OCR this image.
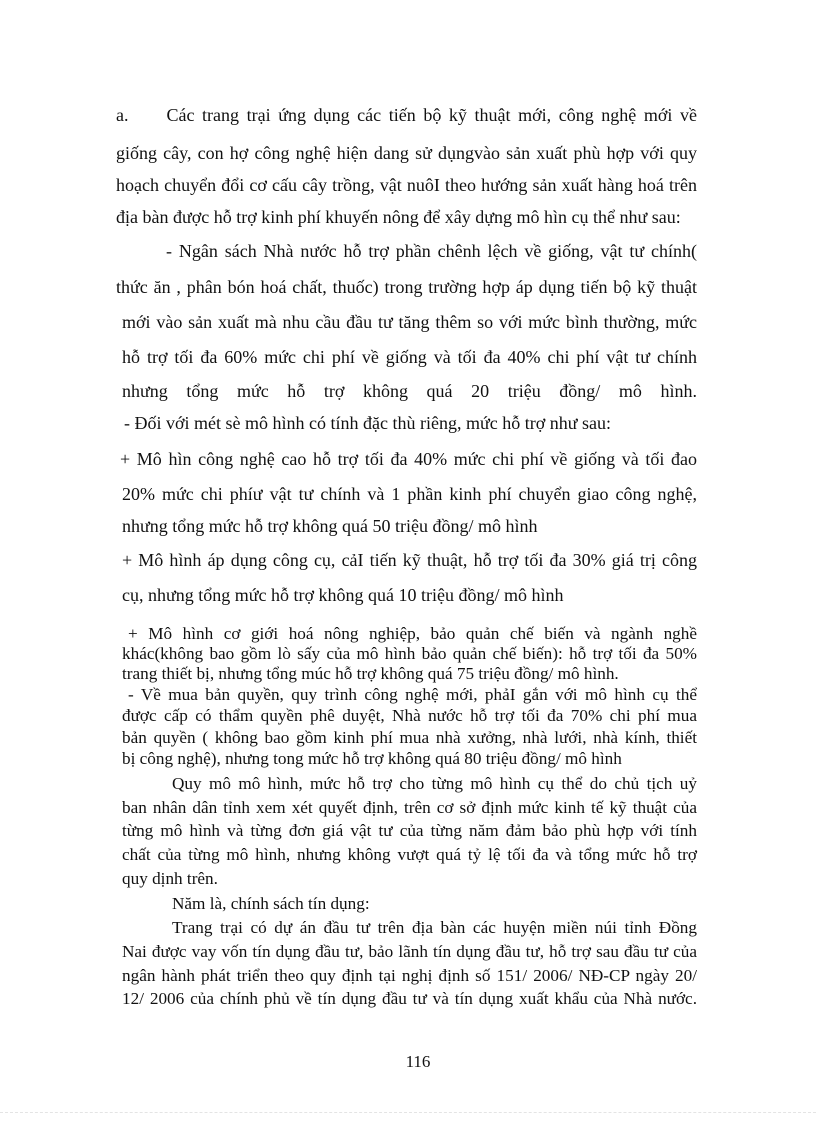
a.     Các trang trại ứng dụng các tiến bộ kỹ thuật mới, công nghệ mới về

giống cây, con hợ công nghệ hiện dang sử dụngvào sản xuất phù hợp với quy

hoạch chuyển đổi cơ cấu cây trồng, vật nuôI theo hướng sản xuất hàng hoá trên

địa bàn được hỗ trợ kinh phí khuyến nông để xây dựng mô hìn cụ thể như sau:

- Ngân sách Nhà nước hỗ trợ phần chênh lệch về giống, vật tư chính(

thức ăn , phân bón hoá chất, thuốc) trong trường hợp áp dụng tiến bộ kỹ thuật

mới vào sản xuất mà nhu cầu đầu tư tăng thêm so với mức bình thường, mức

hỗ trợ tối đa 60% mức chi phí về giống và tối đa 40% chi phí vật tư chính

nhưng tổng mức hỗ trợ không quá 20 triệu đồng/ mô hình.

- Đối với mét sè mô hình có tính đặc thù riêng, mức hỗ trợ như sau:

+ Mô hìn công nghệ cao hỗ trợ tối đa 40% mức chi phí về giống và tối đao

20% mức chi phíư vật tư chính và 1 phần kinh phí chuyển giao công nghệ,

nhưng tổng mức hỗ trợ không quá 50 triệu đồng/ mô hình

+ Mô hình áp dụng công cụ, cảI tiến kỹ thuật, hỗ trợ tối đa 30% giá trị công

cụ, nhưng tổng mức hỗ trợ không quá 10 triệu đồng/ mô hình

+ Mô hình cơ giới hoá nông nghiệp, bảo quản chế biến và ngành nghề

khác(không bao gồm lò sấy của mô hình bảo quản chế biến): hỗ trợ tối đa 50%

trang thiết bị, nhưng tổng múc hỗ trợ không quá 75 triệu đồng/ mô hình.

- Về mua bản quyền, quy trình công nghệ mới, phảI gắn với mô hình cụ thể

được cấp có thẩm quyền phê duyệt, Nhà nước hỗ trợ tối đa 70% chi phí mua

bản quyền ( không bao gồm kinh phí mua nhà xưởng, nhà lưới, nhà kính, thiết

bị công nghệ), nhưng tong mức hỗ trợ không quá 80 triệu đồng/ mô hình

Quy mô mô hình, mức hỗ trợ cho từng mô hình cụ thể do chủ tịch uỷ

ban nhân dân tỉnh xem xét quyết định, trên cơ sở định mức kinh tế kỹ thuật của

từng mô hình và từng đơn giá vật tư của từng năm đảm bảo phù hợp với tính

chất của từng mô hình, nhưng không vượt quá tỷ lệ tối đa và tổng mức hỗ trợ

quy dịnh trên.

Năm là, chính sách tín dụng:

Trang trại có dự án đầu tư trên địa bàn các huyện miền núi tỉnh Đồng

Nai được vay vốn tín dụng đầu tư, bảo lãnh tín dụng đầu tư, hỗ trợ sau đầu tư của

ngân hành phát triển theo quy định tại nghị định số 151/ 2006/ NĐ-CP ngày 20/

12/ 2006 của chính phủ về tín dụng đầu tư và tín dụng xuất khẩu của Nhà nước.

116
